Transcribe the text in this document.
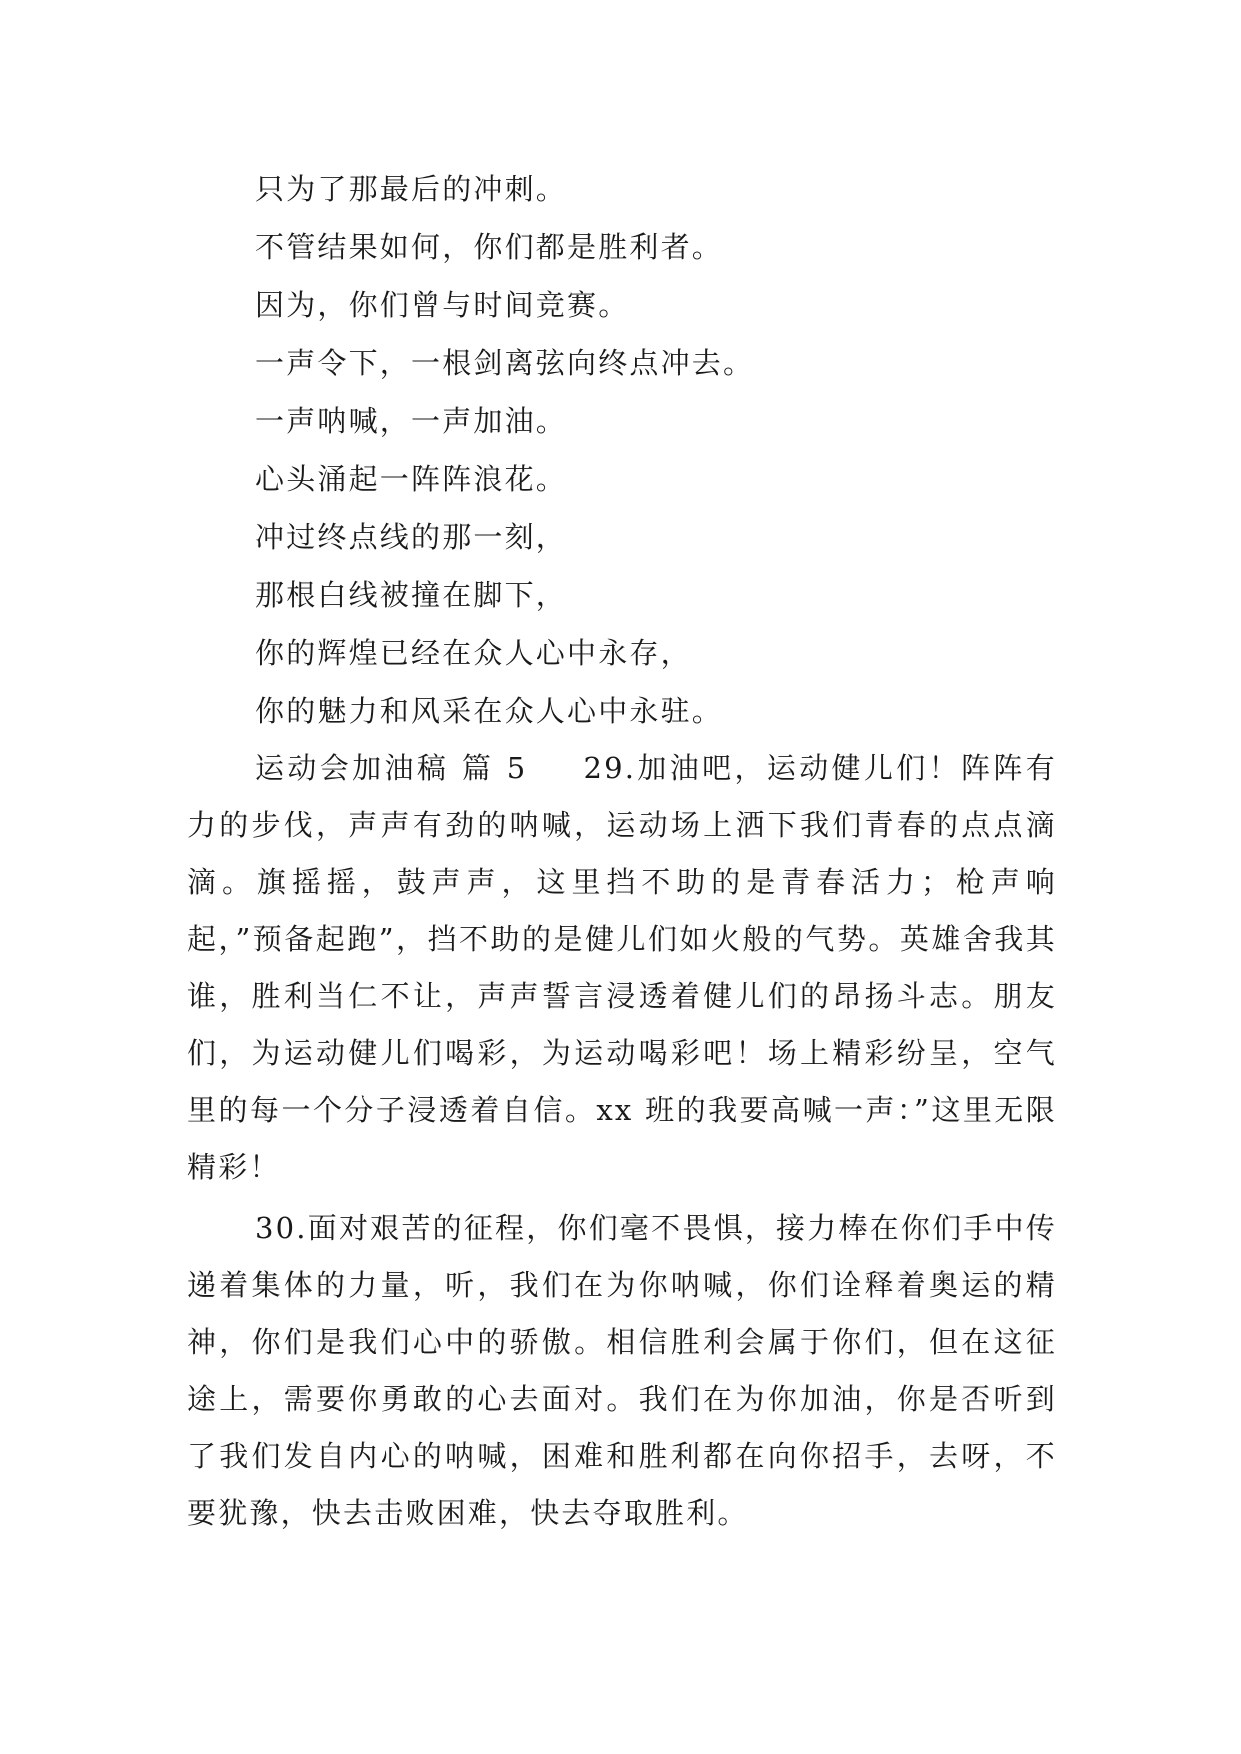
只为了那最后的冲刺。
不管结果如何，你们都是胜利者。
因为，你们曾与时间竞赛。
一声令下，一根剑离弦向终点冲去。
一声呐喊，一声加油。
心头涌起一阵阵浪花。
冲过终点线的那一刻，
那根白线被撞在脚下，
你的辉煌已经在众人心中永存，
你的魅力和风采在众人心中永驻。

运动会加油稿 篇 5 29.加油吧，运动健儿们！阵阵有力的步伐，声声有劲的呐喊，运动场上洒下我们青春的点点滴滴。旗摇摇，鼓声声，这里挡不助的是青春活力；枪声响起，”预备起跑”，挡不助的是健儿们如火般的气势。英雄舍我其谁，胜利当仁不让，声声誓言浸透着健儿们的昂扬斗志。朋友们，为运动健儿们喝彩，为运动喝彩吧！场上精彩纷呈，空气里的每一个分子浸透着自信。xx 班的我要高喊一声：”这里无限精彩！

30.面对艰苦的征程，你们毫不畏惧，接力棒在你们手中传递着集体的力量，听，我们在为你呐喊，你们诠释着奥运的精神，你们是我们心中的骄傲。相信胜利会属于你们，但在这征途上，需要你勇敢的心去面对。我们在为你加油，你是否听到了我们发自内心的呐喊，困难和胜利都在向你招手，去呀，不要犹豫，快去击败困难，快去夺取胜利。
